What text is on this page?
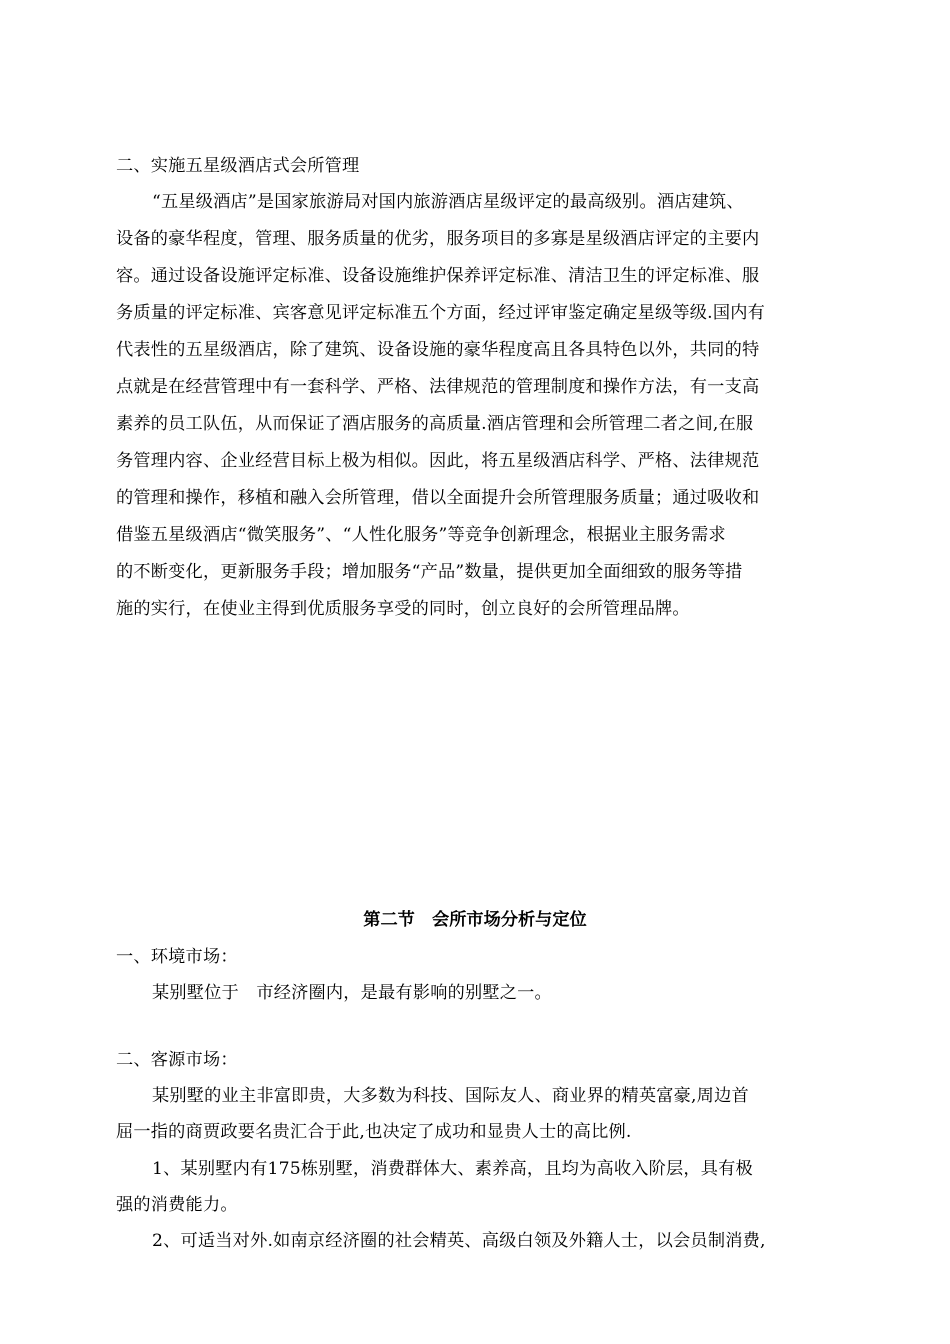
二、实施五星级酒店式会所管理
“五星级酒店”是国家旅游局对国内旅游酒店星级评定的最高级别。酒店建筑、
设备的豪华程度，管理、服务质量的优劣，服务项目的多寡是星级酒店评定的主要内
容。通过设备设施评定标准、设备设施维护保养评定标准、清洁卫生的评定标准、服
务质量的评定标准、宾客意见评定标准五个方面，经过评审鉴定确定星级等级.国内有
代表性的五星级酒店，除了建筑、设备设施的豪华程度高且各具特色以外，共同的特
点就是在经营管理中有一套科学、严格、法律规范的管理制度和操作方法，有一支高
素养的员工队伍，从而保证了酒店服务的高质量.酒店管理和会所管理二者之间,在服
务管理内容、企业经营目标上极为相似。因此，将五星级酒店科学、严格、法律规范
的管理和操作，移植和融入会所管理，借以全面提升会所管理服务质量；通过吸收和
借鉴五星级酒店“微笑服务”、“人性化服务”等竞争创新理念，根据业主服务需求
的不断变化，更新服务手段；增加服务“产品”数量，提供更加全面细致的服务等措
施的实行，在使业主得到优质服务享受的同时，创立良好的会所管理品牌。
第二节　会所市场分析与定位
一、环境市场：
某别墅位于　市经济圈内，是最有影响的别墅之一。
二、客源市场：
某别墅的业主非富即贵，大多数为科技、国际友人、商业界的精英富豪,周边首
屈一指的商贾政要名贵汇合于此,也决定了成功和显贵人士的高比例.
1、某别墅内有175栋别墅，消费群体大、素养高，且均为高收入阶层，具有极
强的消费能力。
2、可适当对外.如南京经济圈的社会精英、高级白领及外籍人士，以会员制消费,
